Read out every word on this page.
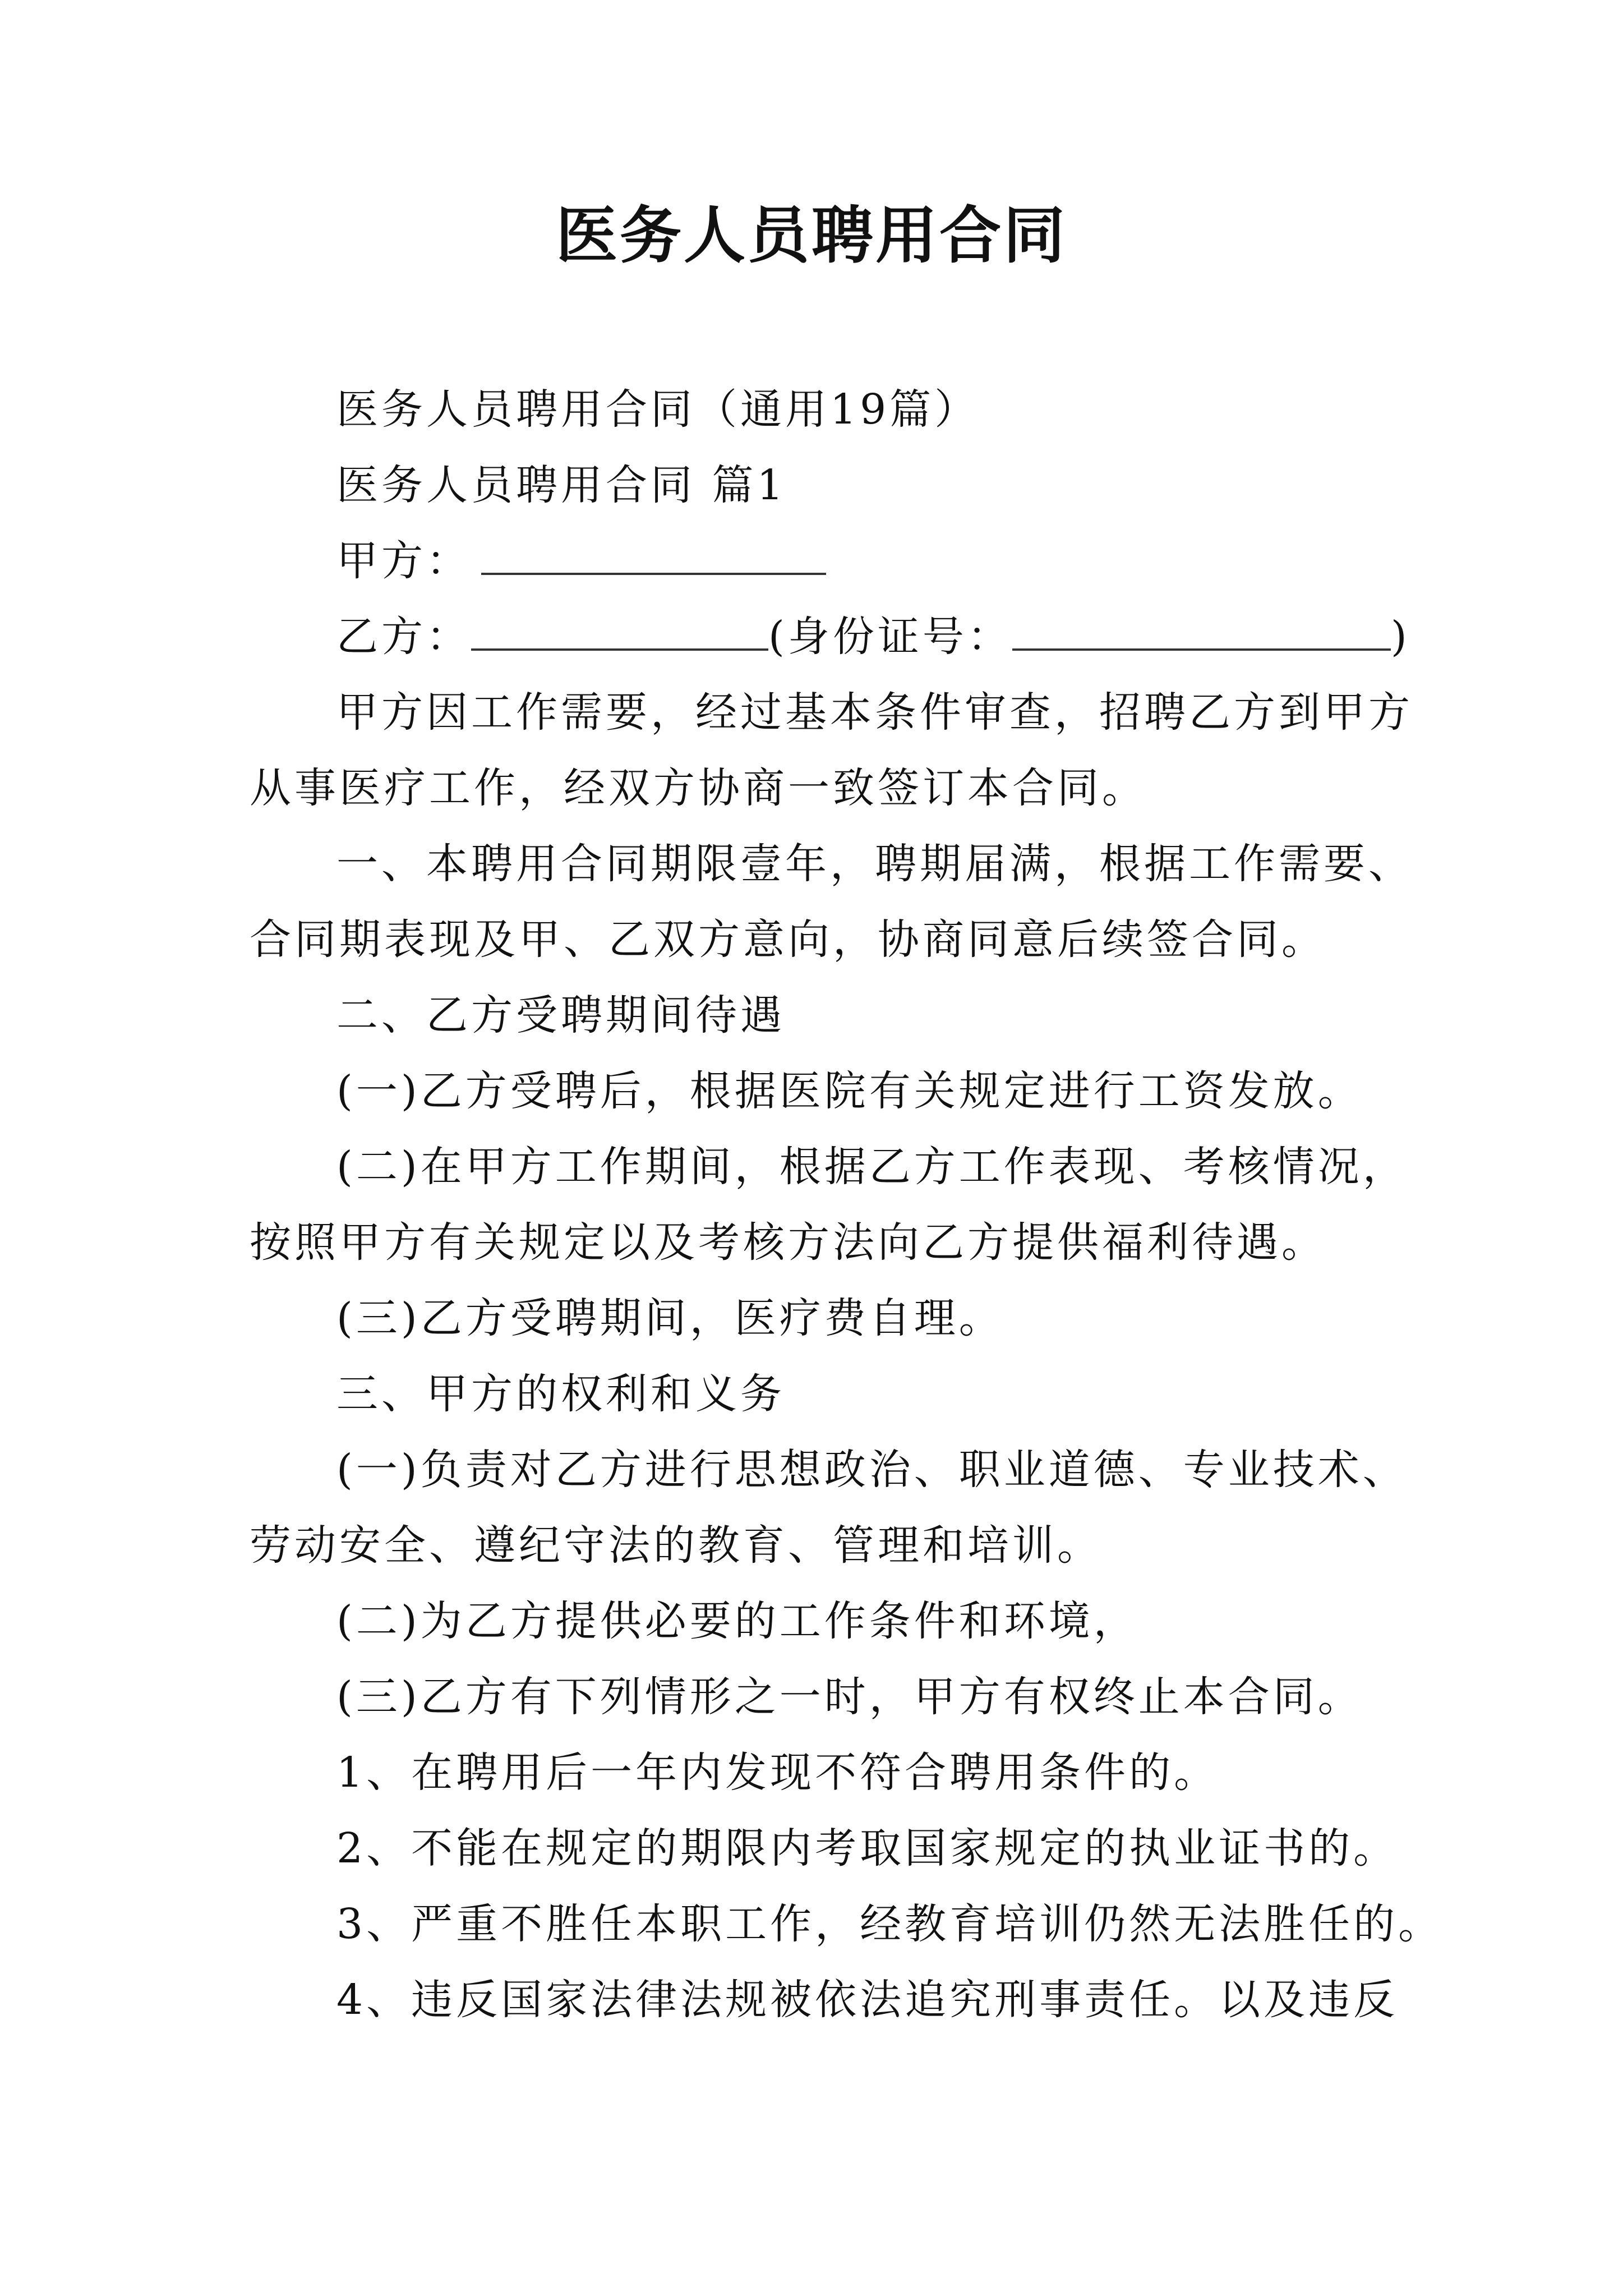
医务人员聘用合同

医务人员聘用合同（通用19篇）

医务人员聘用合同 篇1

甲方：

乙方：	(身份证号：	)

甲方因工作需要，经过基本条件审查，招聘乙方到甲方

从事医疗工作，经双方协商一致签订本合同。

一、本聘用合同期限壹年，聘期届满，根据工作需要、

合同期表现及甲、乙双方意向，协商同意后续签合同。

二、乙方受聘期间待遇

(一)乙方受聘后，根据医院有关规定进行工资发放。

(二)在甲方工作期间，根据乙方工作表现、考核情况，

按照甲方有关规定以及考核方法向乙方提供福利待遇。

(三)乙方受聘期间，医疗费自理。

三、甲方的权利和义务

(一)负责对乙方进行思想政治、职业道德、专业技术、

劳动安全、遵纪守法的教育、管理和培训。

(二)为乙方提供必要的工作条件和环境，

(三)乙方有下列情形之一时，甲方有权终止本合同。

1、在聘用后一年内发现不符合聘用条件的。

2、不能在规定的期限内考取国家规定的执业证书的。

3、严重不胜任本职工作，经教育培训仍然无法胜任的。

4、违反国家法律法规被依法追究刑事责任。以及违反
